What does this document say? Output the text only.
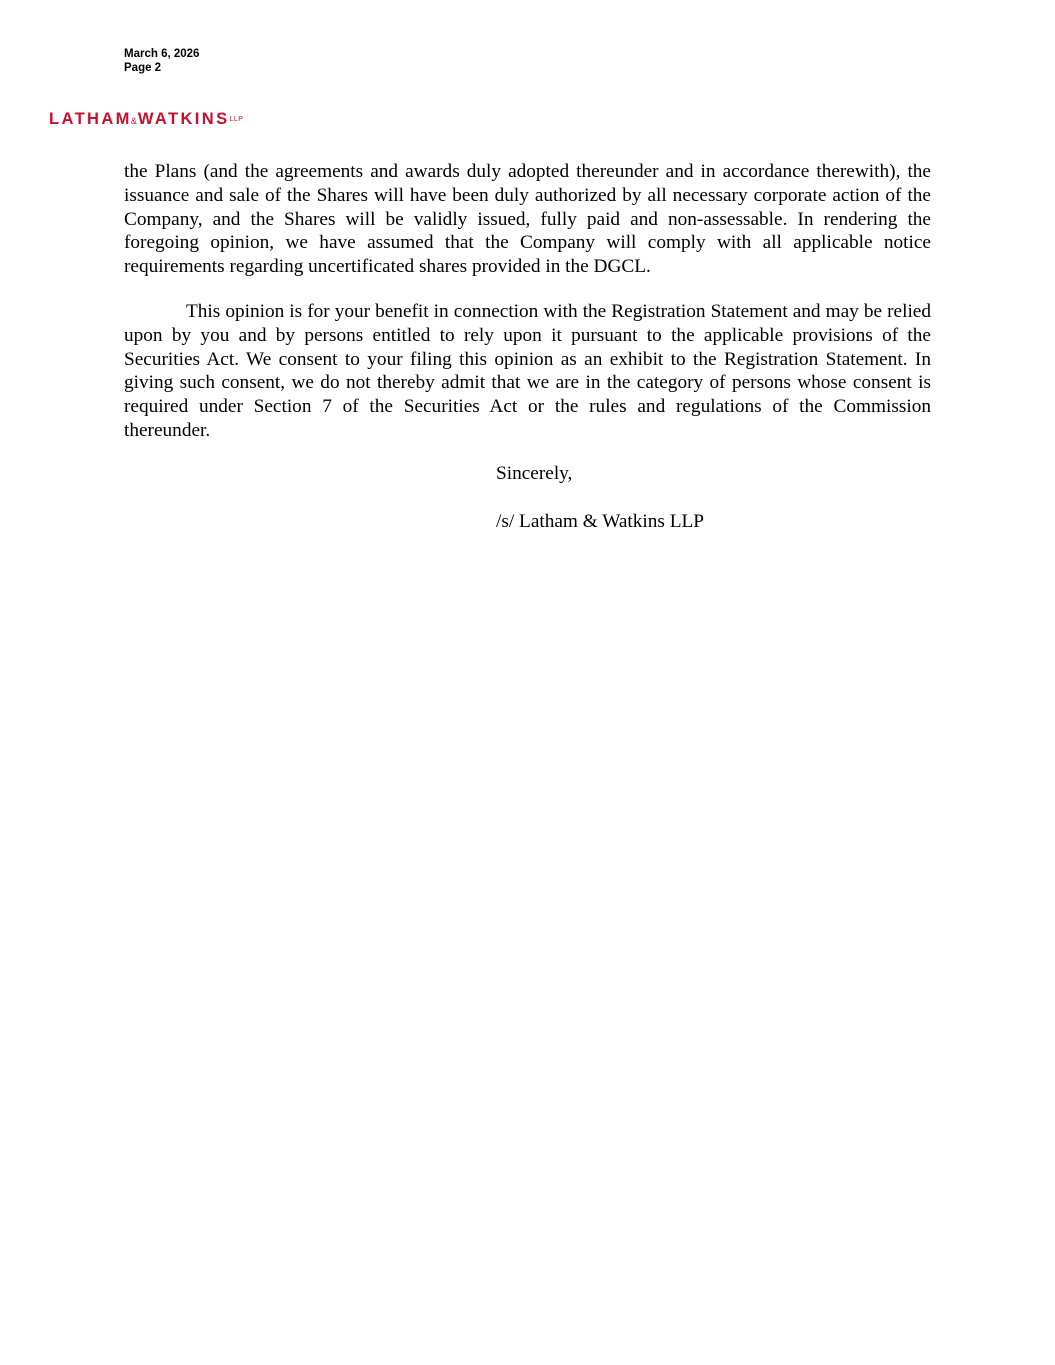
March 6, 2026
Page 2
LATHAM & WATKINS LLP

the Plans (and the agreements and awards duly adopted thereunder and in accordance therewith), the issuance and sale of the Shares will have been duly authorized by all necessary corporate action of the Company, and the Shares will be validly issued, fully paid and non-assessable. In rendering the foregoing opinion, we have assumed that the Company will comply with all applicable notice requirements regarding uncertificated shares provided in the DGCL.

This opinion is for your benefit in connection with the Registration Statement and may be relied upon by you and by persons entitled to rely upon it pursuant to the applicable provisions of the Securities Act. We consent to your filing this opinion as an exhibit to the Registration Statement. In giving such consent, we do not thereby admit that we are in the category of persons whose consent is required under Section 7 of the Securities Act or the rules and regulations of the Commission thereunder.

Sincerely,
/s/ Latham & Watkins LLP
